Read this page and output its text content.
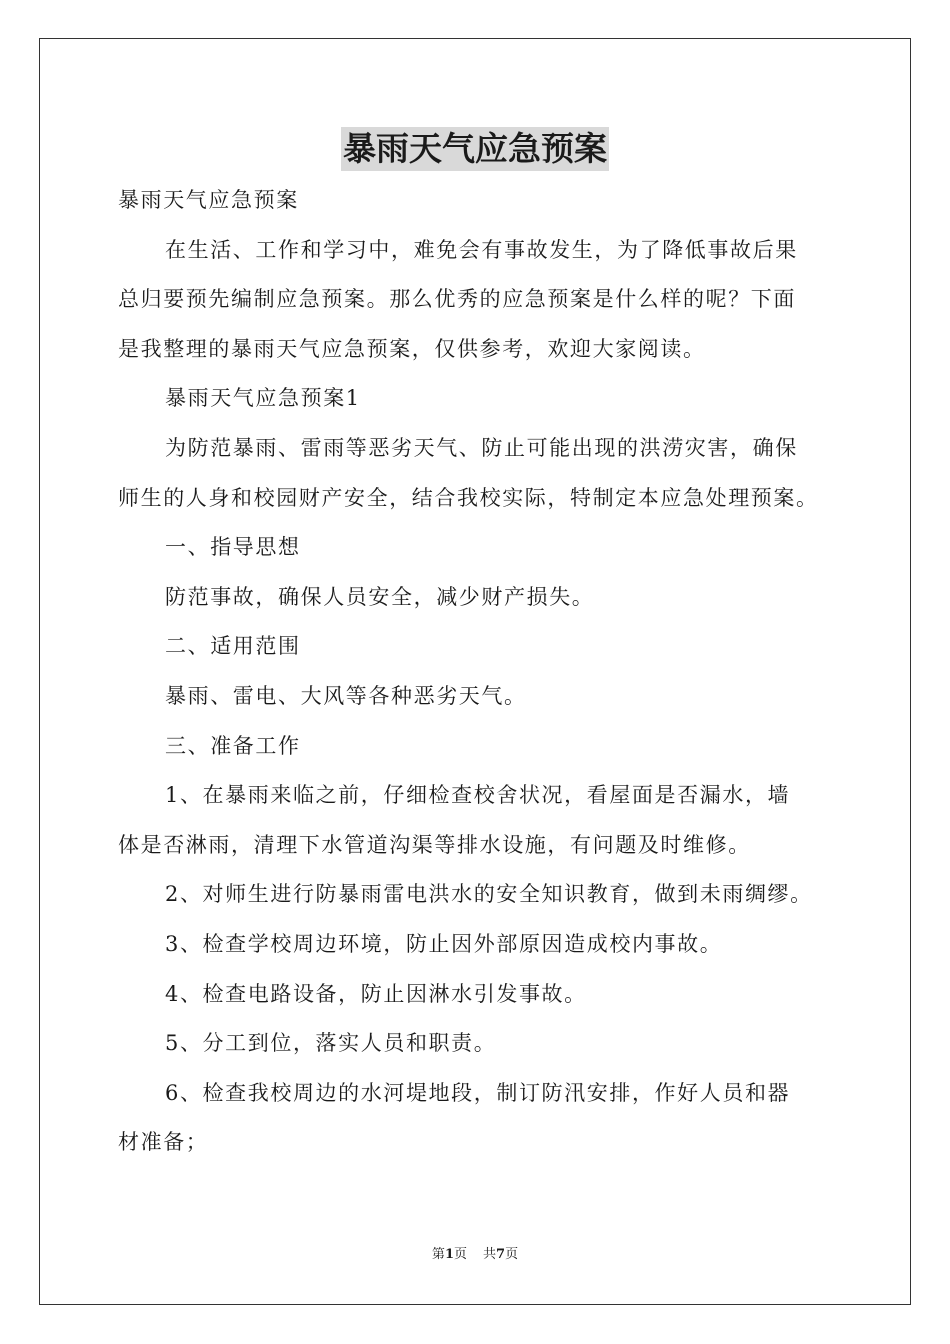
暴雨天气应急预案

暴雨天气应急预案

在生活、工作和学习中，难免会有事故发生，为了降低事故后果

总归要预先编制应急预案。那么优秀的应急预案是什么样的呢？下面

是我整理的暴雨天气应急预案，仅供参考，欢迎大家阅读。

暴雨天气应急预案1

为防范暴雨、雷雨等恶劣天气、防止可能出现的洪涝灾害，确保

师生的人身和校园财产安全，结合我校实际，特制定本应急处理预案。

一、指导思想

防范事故，确保人员安全，减少财产损失。

二、适用范围

暴雨、雷电、大风等各种恶劣天气。

三、准备工作

1、在暴雨来临之前，仔细检查校舍状况，看屋面是否漏水，墙

体是否淋雨，清理下水管道沟渠等排水设施，有问题及时维修。

2、对师生进行防暴雨雷电洪水的安全知识教育，做到未雨绸缪。

3、检查学校周边环境，防止因外部原因造成校内事故。

4、检查电路设备，防止因淋水引发事故。

5、分工到位，落实人员和职责。

6、检查我校周边的水河堤地段，制订防汛安排，作好人员和器

材准备；

第1页 共7页
